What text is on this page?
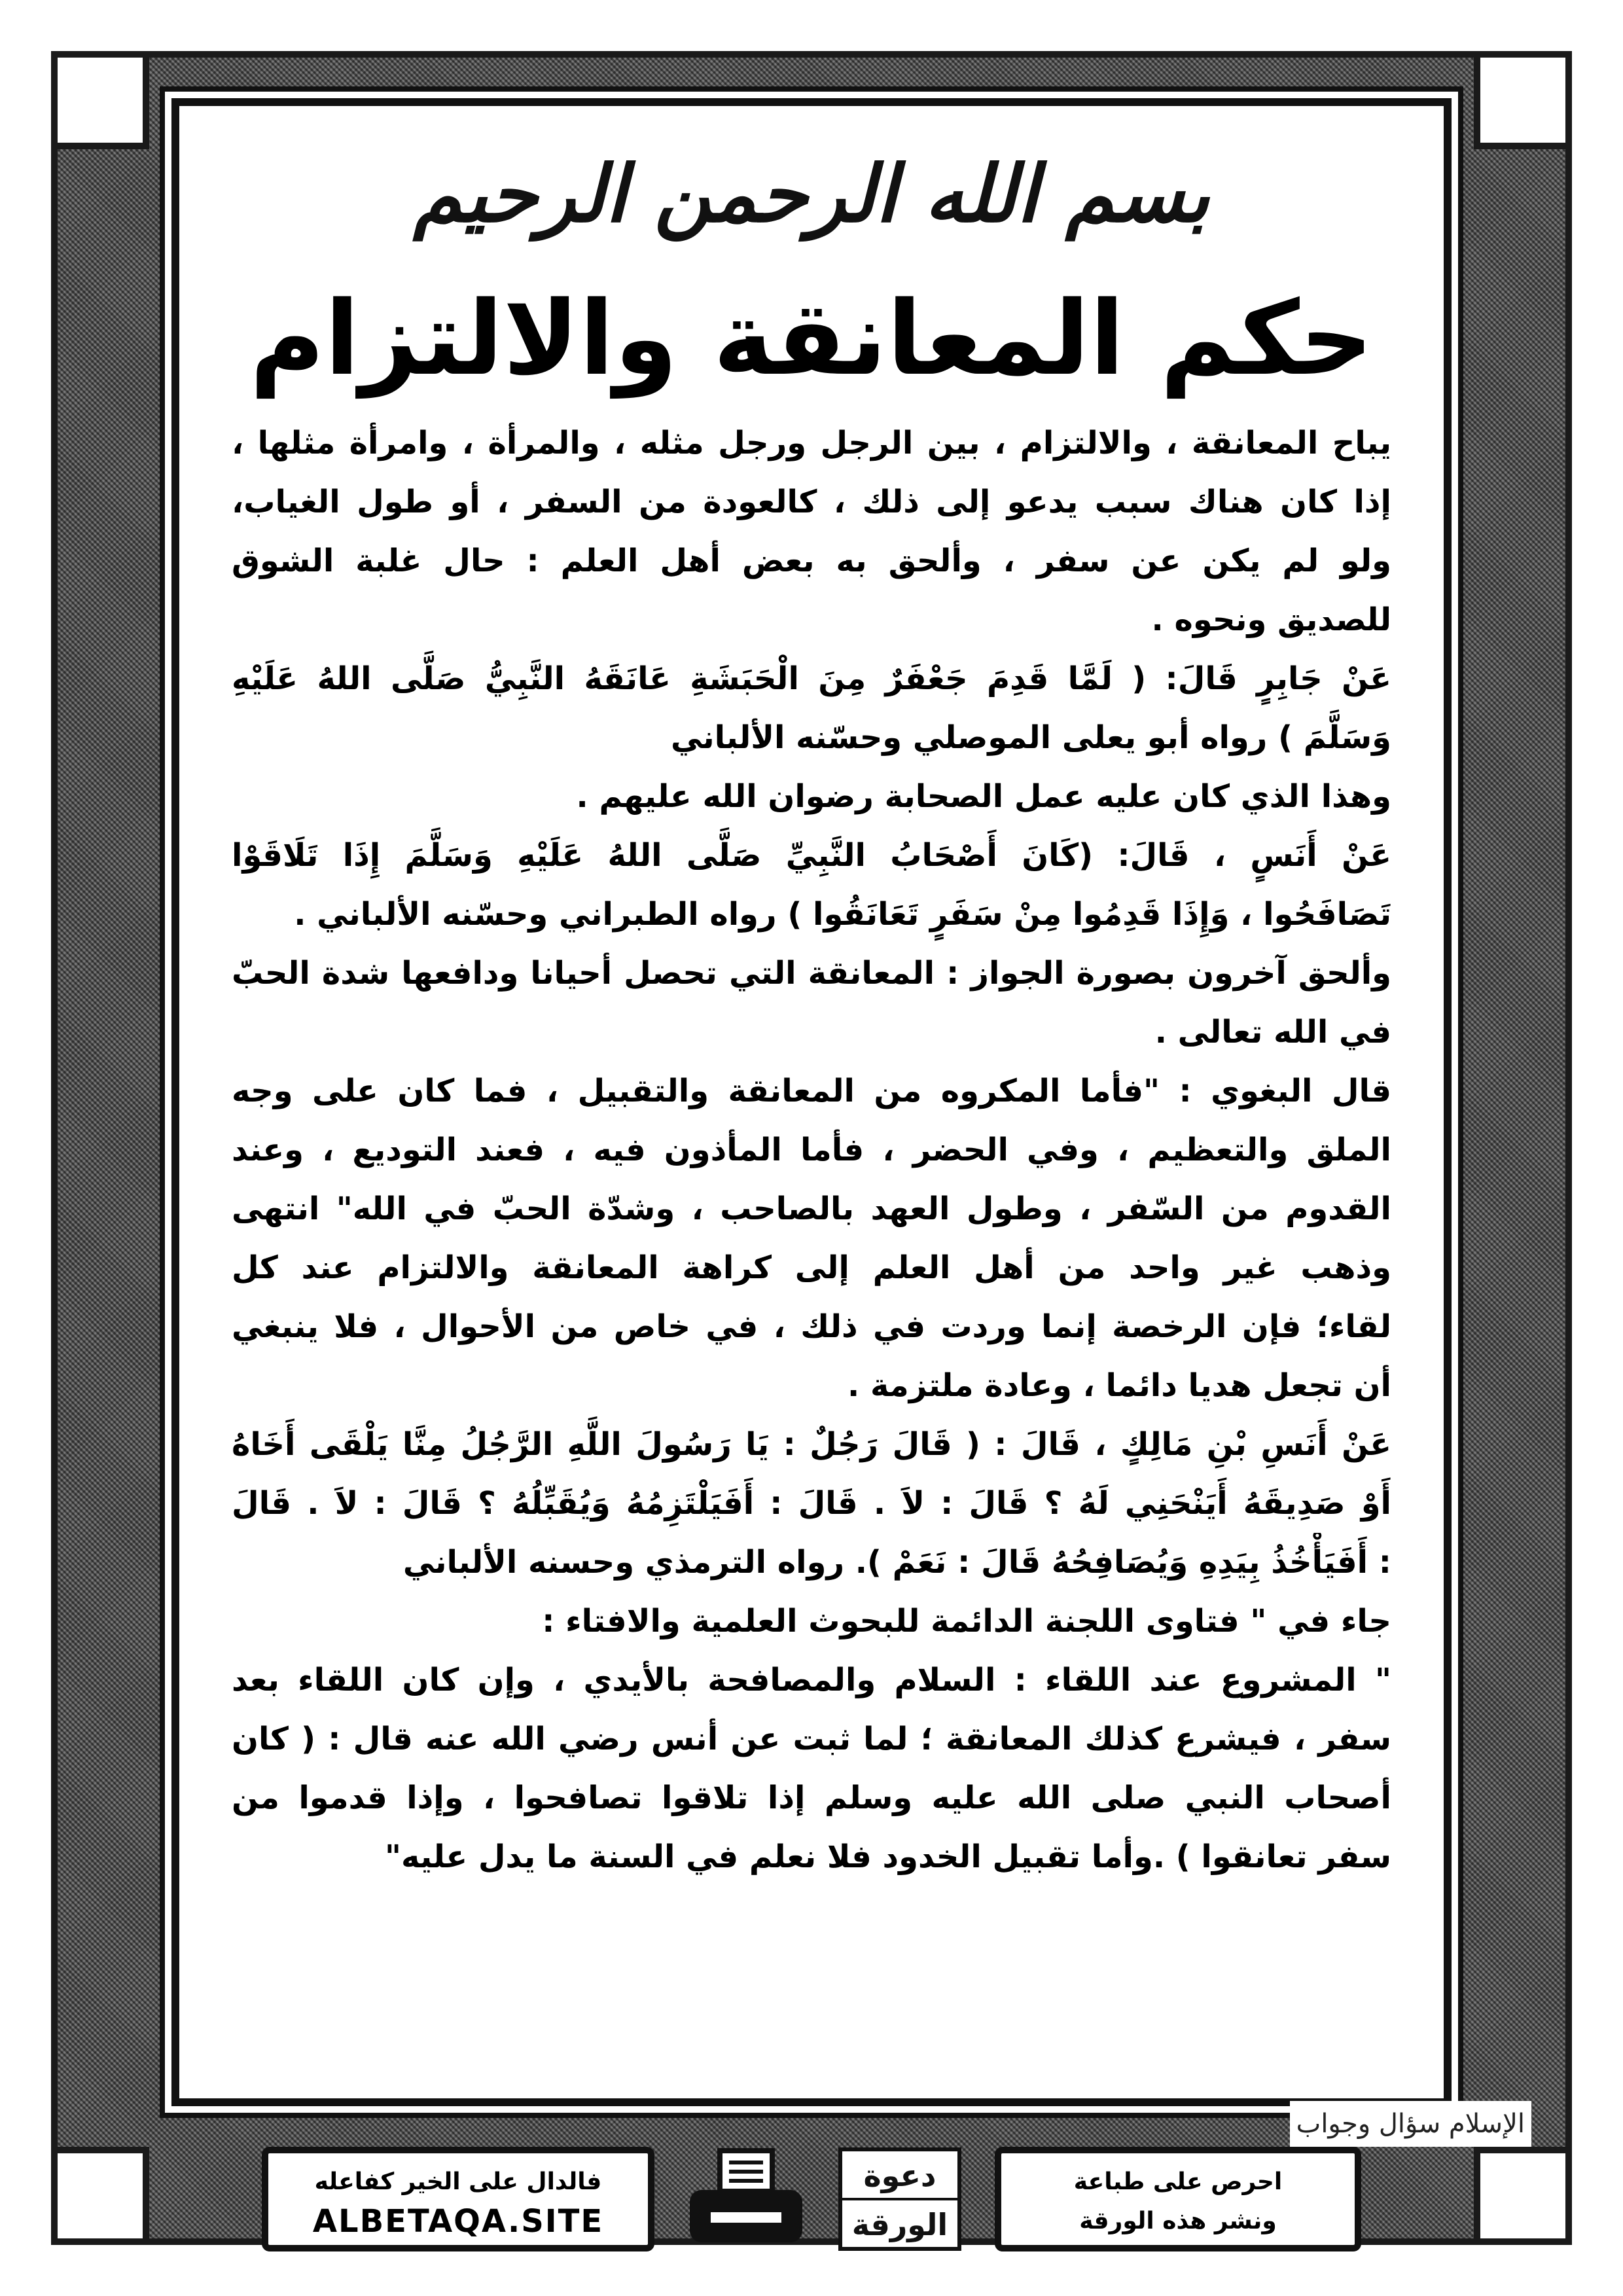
بسم الله الرحمن الرحيم
حكم المعانقة والالتزام
يباح المعانقة ، والالتزام ، بين الرجل ورجل مثله ، والمرأة ، وامرأة مثلها ،
إذا كان هناك سبب يدعو إلى ذلك ، كالعودة من السفر ، أو طول الغياب،
ولو لم يكن عن سفر ، وألحق به بعض أهل العلم : حال غلبة الشوق
للصديق ونحوه .
عَنْ جَابِرٍ قَالَ: ( لَمَّا قَدِمَ جَعْفَرٌ مِنَ الْحَبَشَةِ عَانَقَهُ النَّبِيُّ صَلَّى اللهُ عَلَيْهِ
وَسَلَّمَ ) رواه أبو يعلى الموصلي وحسّنه الألباني
وهذا الذي كان عليه عمل الصحابة رضوان الله عليهم .
عَنْ أَنَسٍ ، قَالَ: (كَانَ أَصْحَابُ النَّبِيِّ صَلَّى اللهُ عَلَيْهِ وَسَلَّمَ إِذَا تَلَاقَوْا
تَصَافَحُوا ، وَإِذَا قَدِمُوا مِنْ سَفَرٍ تَعَانَقُوا ) رواه الطبراني وحسّنه الألباني .
وألحق آخرون بصورة الجواز : المعانقة التي تحصل أحيانا ودافعها شدة الحبّ
في الله تعالى .
قال البغوي : "فأما المكروه من المعانقة والتقبيل ، فما كان على وجه
الملق والتعظيم ، وفي الحضر ، فأما المأذون فيه ، فعند التوديع ، وعند
القدوم من السّفر ، وطول العهد بالصاحب ، وشدّة الحبّ في الله" انتهى
وذهب غير واحد من أهل العلم إلى كراهة المعانقة والالتزام عند كل
لقاء؛ فإن الرخصة إنما وردت في ذلك ، في خاص من الأحوال ، فلا ينبغي
أن تجعل هديا دائما ، وعادة ملتزمة .
عَنْ أَنَسِ بْنِ مَالِكٍ ، قَالَ : ( قَالَ رَجُلٌ : يَا رَسُولَ اللَّهِ الرَّجُلُ مِنَّا يَلْقَى أَخَاهُ
أَوْ صَدِيقَهُ أَيَنْحَنِي لَهُ ؟ قَالَ : لاَ . قَالَ : أَفَيَلْتَزِمُهُ وَيُقَبِّلُهُ ؟ قَالَ : لاَ . قَالَ
: أَفَيَأْخُذُ بِيَدِهِ وَيُصَافِحُهُ قَالَ : نَعَمْ ). رواه الترمذي وحسنه الألباني
جاء في " فتاوى اللجنة الدائمة للبحوث العلمية والافتاء :
" المشروع عند اللقاء : السلام والمصافحة بالأيدي ، وإن كان اللقاء بعد
سفر ، فيشرع كذلك المعانقة ؛ لما ثبت عن أنس رضي الله عنه قال : ( كان
أصحاب النبي صلى الله عليه وسلم إذا تلاقوا تصافحوا ، وإذا قدموا من
سفر تعانقوا ) .وأما تقبيل الخدود فلا نعلم في السنة ما يدل عليه"
الإسلام سؤال وجواب
فالدال على الخير كفاعله
ALBETAQA.SITE
دعوة
الورقة
احرص على طباعة
ونشر هذه الورقة
